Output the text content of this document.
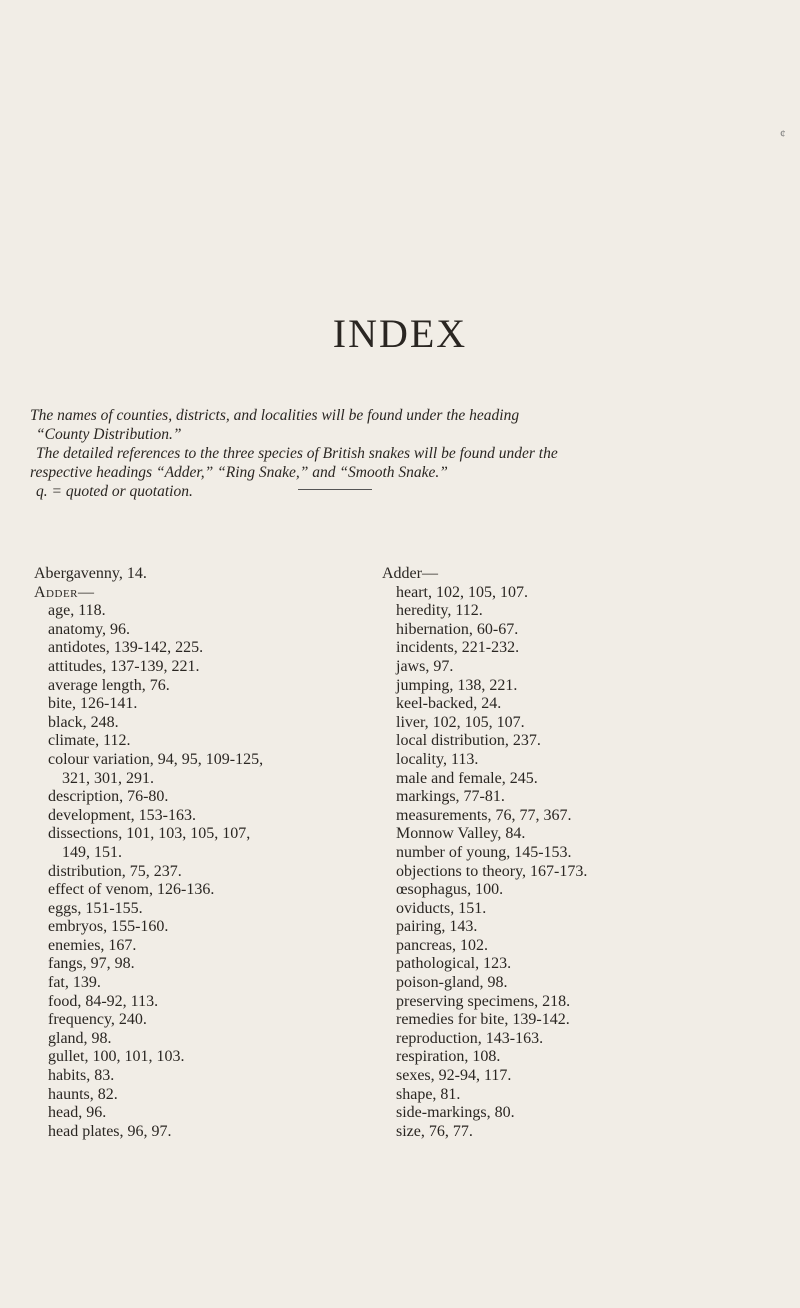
¢
INDEX

The names of counties, districts, and localities will be found under the heading

“County Distribution.”

The detailed references to the three species of British snakes will be found under the

respective headings “Adder,” “Ring Snake,” and “Smooth Snake.”

q. = quoted or quotation.

Abergavenny, 14.

Adder—

age, 118.

anatomy, 96.

antidotes, 139-142, 225.

attitudes, 137-139, 221.

average length, 76.

bite, 126-141.

black, 248.

climate, 112.

colour variation, 94, 95, 109-125,

321, 301, 291.

description, 76-80.

development, 153-163.

dissections, 101, 103, 105, 107,

149, 151.

distribution, 75, 237.

effect of venom, 126-136.

eggs, 151-155.

embryos, 155-160.

enemies, 167.

fangs, 97, 98.

fat, 139.

food, 84-92, 113.

frequency, 240.

gland, 98.

gullet, 100, 101, 103.

habits, 83.

haunts, 82.

head, 96.

head plates, 96, 97.

Adder—

heart, 102, 105, 107.

heredity, 112.

hibernation, 60-67.

incidents, 221-232.

jaws, 97.

jumping, 138, 221.

keel-backed, 24.

liver, 102, 105, 107.

local distribution, 237.

locality, 113.

male and female, 245.

markings, 77-81.

measurements, 76, 77, 367.

Monnow Valley, 84.

number of young, 145-153.

objections to theory, 167-173.

œsophagus, 100.

oviducts, 151.

pairing, 143.

pancreas, 102.

pathological, 123.

poison-gland, 98.

preserving specimens, 218.

remedies for bite, 139-142.

reproduction, 143-163.

respiration, 108.

sexes, 92-94, 117.

shape, 81.

side-markings, 80.

size, 76, 77.
